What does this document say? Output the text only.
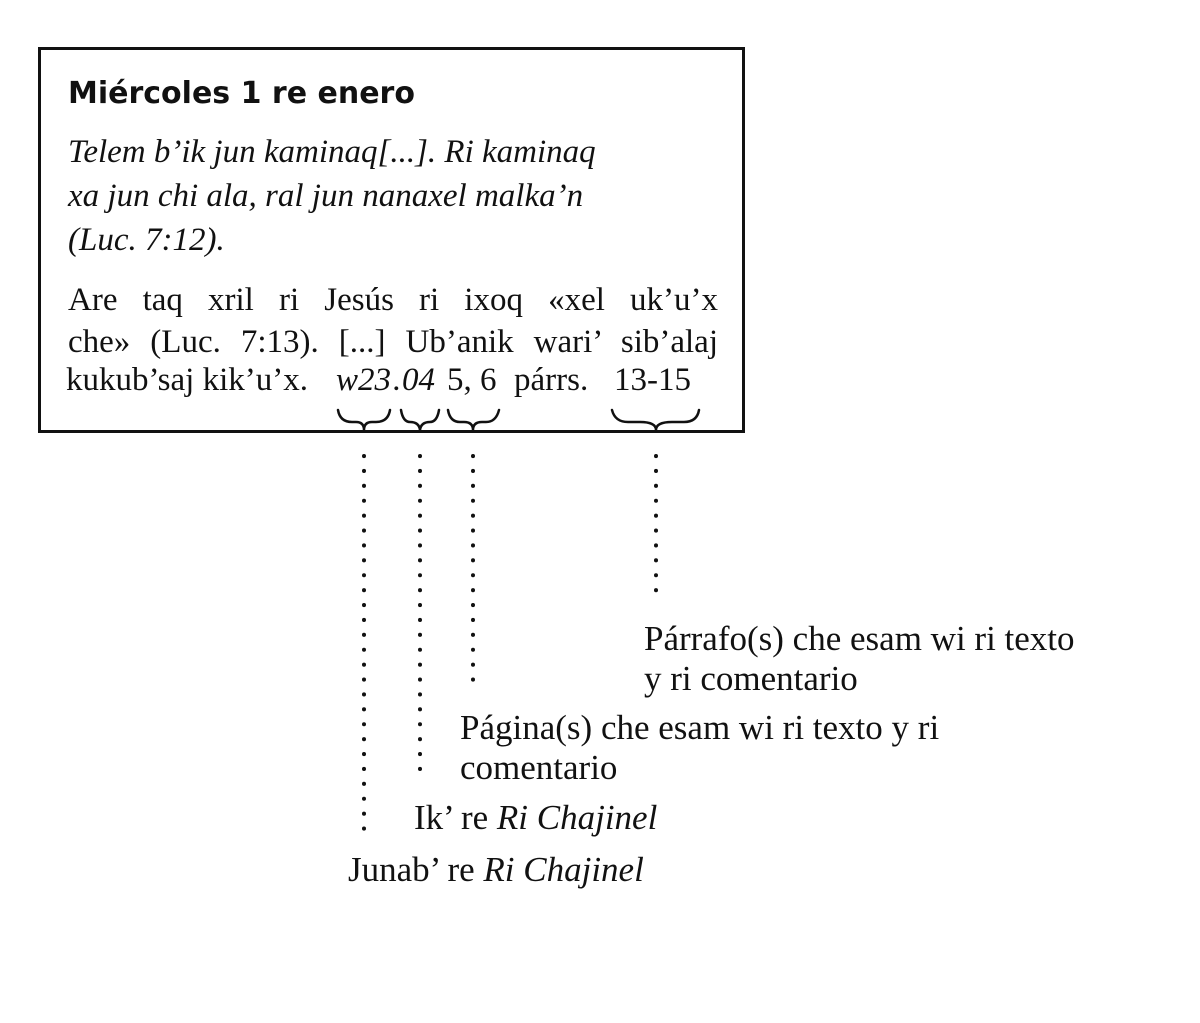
Miércoles 1 re enero
Telem b’ik jun kaminaq[...]. Ri kaminaq
xa jun chi ala, ral jun nanaxel malka’n
(Luc. 7:12).
Are taq xril ri Jesús ri ixoq «xel uk’u’x
che» (Luc. 7:13). [...] Ub’anik wari’ sib’alaj
kukub’saj kik’u’x. w23 . 04 5, 6 párrs. 13-15
Párrafo(s) che esam wi ri texto
y ri comentario
Página(s) che esam wi ri texto y ri
comentario
Ik’ re Ri Chajinel
Junab’ re Ri Chajinel
